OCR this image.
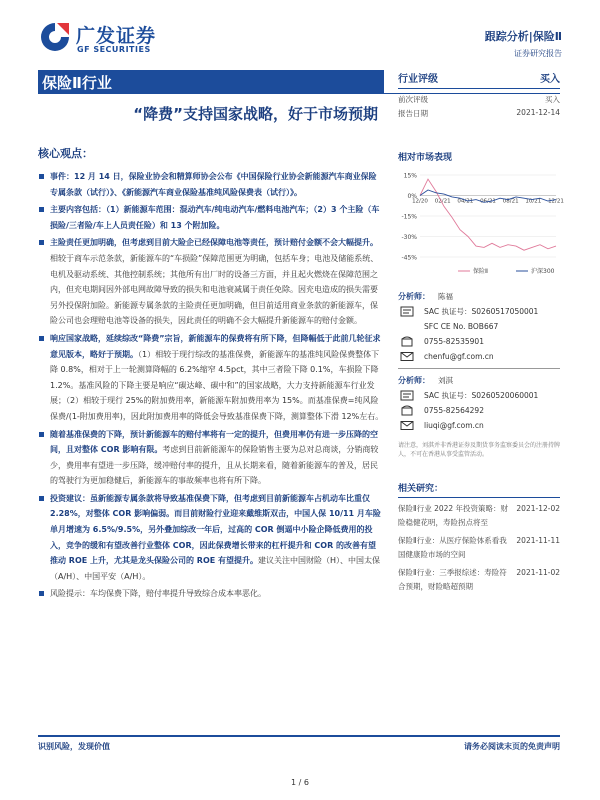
广发证券
GF SECURITIES
跟踪分析|保险Ⅱ
证券研究报告
保险Ⅱ行业
“降费”支持国家战略，好于市场预期
核心观点：
事件：12 月 14 日，保险业协会和精算师协会公布《中国保险行业协会新能源汽车商业保险专属条款（试行）》、《新能源汽车商业保险基准纯风险保费表（试行）》。
主要内容包括：（1）新能源车范围：混动汽车/纯电动汽车/燃料电池汽车；（2）3 个主险（车损险/三者险/车上人员责任险）和 13 个附加险。
主险责任更加明确，但考虑到目前大险企已经保障电池等责任，预计赔付金额不会大幅提升。相较于商车示范条款，新能源车的“车损险”保障范围更为明确，包括车身；电池及储能系统、电机及驱动系统、其他控制系统；其他所有出厂时的设备三方面，并且起火燃烧在保障范围之内，但充电期间因外部电网故障导致的损失和电池衰减属于责任免除。因充电造成的损失需要另外投保附加险。新能源专属条款的主险责任更加明确，但目前适用商业条款的新能源车，保险公司也会理赔电池等设备的损失，因此责任的明确不会大幅提升新能源车的赔付金额。
响应国家战略，延续综改“降费”宗旨，新能源车的保费将有所下降，但降幅低于此前几轮征求意见版本，略好于预期。（1）相较于现行综改的基准保费，新能源车的基准纯风险保费整体下降 0.8%，相对于上一轮测算降幅的 6.2%缩窄 4.5pct，其中三者险下降 0.1%，车损险下降 1.2%。基准风险的下降主要是响应“碳达峰、碳中和”的国家战略，大力支持新能源车行业发展；（2）相较于现行 25%的附加费用率，新能源车附加费用率为 15%。而基准保费=纯风险保费/(1-附加费用率)，因此附加费用率的降低会导致基准保费下降，测算整体下滑 12%左右。
随着基准保费的下降，预计新能源车的赔付率将有一定的提升，但费用率仍有进一步压降的空间，且对整体 COR 影响有限。考虑到目前新能源车的保险销售主要为总对总商谈，分销商较少，费用率有望进一步压降，缓冲赔付率的提升，且从长期来看，随着新能源车的普及，居民的驾驶行为更加稳健后，新能源车的事故频率也将有所下降。
投资建议：虽新能源专属条款将导致基准保费下降，但考虑到目前新能源车占机动车比重仅 2.28%，对整体 COR 影响偏弱。而目前财险行业迎来戴维斯双击，中国人保 10/11 月车险单月增速为 6.5%/9.5%，另外叠加综改一年后，过高的 COR 倒逼中小险企降低费用的投入，竞争的缓和有望改善行业整体 COR，因此保费增长带来的杠杆提升和 COR 的改善有望推动 ROE 上升，尤其是龙头保险公司的 ROE 有望提升。建议关注中国财险（H）、中国太保（A/H）、中国平安（A/H）。
风险提示：车均保费下降，赔付率提升导致综合成本率恶化。
行业评级	买入
前次评级	买入
报告日期	2021-12-14
相对市场表现
15%
0%
-15%
-30%
-45%
12/20 02/21 04/21 06/21 08/21 10/21 12/21
保险Ⅱ	沪深300
分析师：	陈福
SAC 执证号：S0260517050001
SFC CE No. BOB667
0755-82535901
chenfu@gf.com.cn
分析师：	刘淇
SAC 执证号：S0260520060001
0755-82564292
liuqi@gf.com.cn
请注意，刘淇并非香港证券及期货事务监察委员会的注册持牌人，不可在香港从事受监管活动。
相关研究：
保险Ⅱ行业 2022 年投资策略：财险稳健花明，寿险拐点将至
2021-12-02
保险Ⅱ行业：从医疗保险体系看我国健康险市场的空间
2021-11-11
保险Ⅱ行业：三季报综述：寿险符合预期，财险略超预期
2021-11-02
识别风险，发现价值	请务必阅读末页的免责声明
1 / 6
